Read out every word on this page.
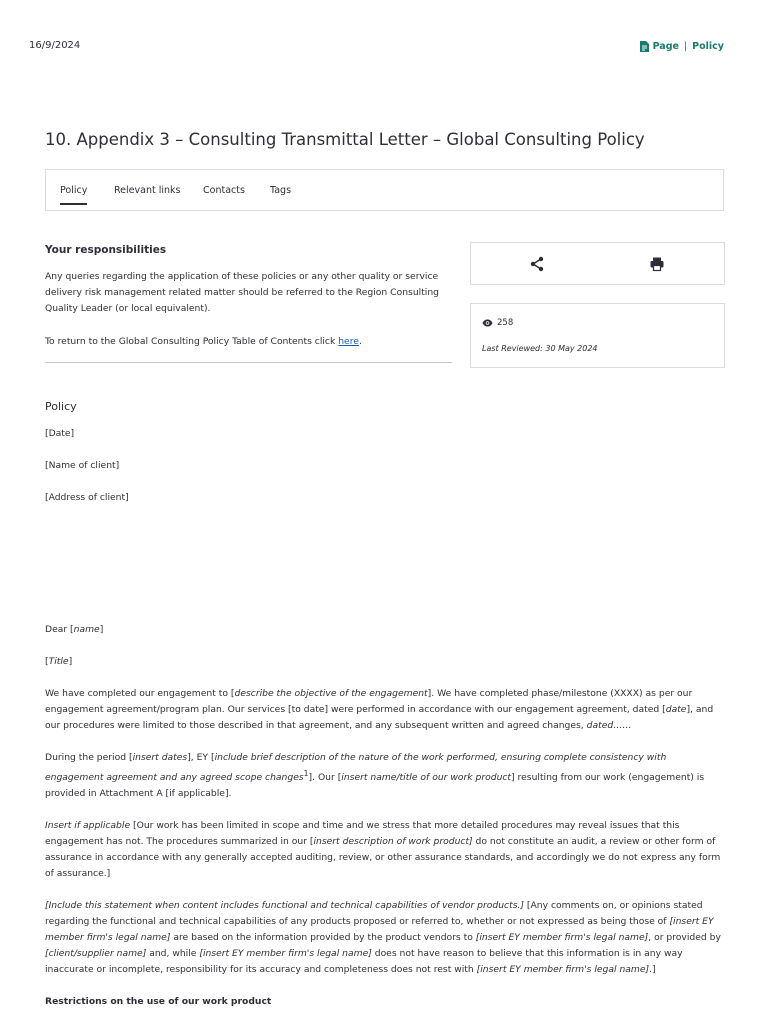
16/9/2024	Page | Policy
10. Appendix 3 – Consulting Transmittal Letter – Global Consulting Policy
Policy	Relevant links Contacts	Tags
Your responsibilities
Any queries regarding the application of these policies or any other quality or service delivery risk management related matter should be referred to the Region Consulting Quality Leader (or local equivalent).
To return to the Global Consulting Policy Table of Contents click here.
258
Last Reviewed: 30 May 2024
Policy
[Date]
[Name of client]
[Address of client]
Dear [name]
[Title]
We have completed our engagement to [describe the objective of the engagement]. We have completed phase/milestone (XXXX) as per our engagement agreement/program plan. Our services [to date] were performed in accordance with our engagement agreement, dated [date], and our procedures were limited to those described in that agreement, and any subsequent written and agreed changes, dated……
During the period [insert dates], EY [include brief description of the nature of the work performed, ensuring complete consistency with engagement agreement and any agreed scope changes$^1$]. Our [insert name/title of our work product] resulting from our work (engagement) is provided in Attachment A [if applicable].
Insert if applicable [Our work has been limited in scope and time and we stress that more detailed procedures may reveal issues that this engagement has not. The procedures summarized in our [insert description of work product] do not constitute an audit, a review or other form of assurance in accordance with any generally accepted auditing, review, or other assurance standards, and accordingly we do not express any form of assurance.]
[Include this statement when content includes functional and technical capabilities of vendor products.] [Any comments on, or opinions stated regarding the functional and technical capabilities of any products proposed or referred to, whether or not expressed as being those of [insert EY member firm's legal name] are based on the information provided by the product vendors to [insert EY member firm's legal name], or provided by [client/supplier name] and, while [insert EY member firm's legal name] does not have reason to believe that this information is in any way inaccurate or incomplete, responsibility for its accuracy and completeness does not rest with [insert EY member firm's legal name].]
Restrictions on the use of our work product
